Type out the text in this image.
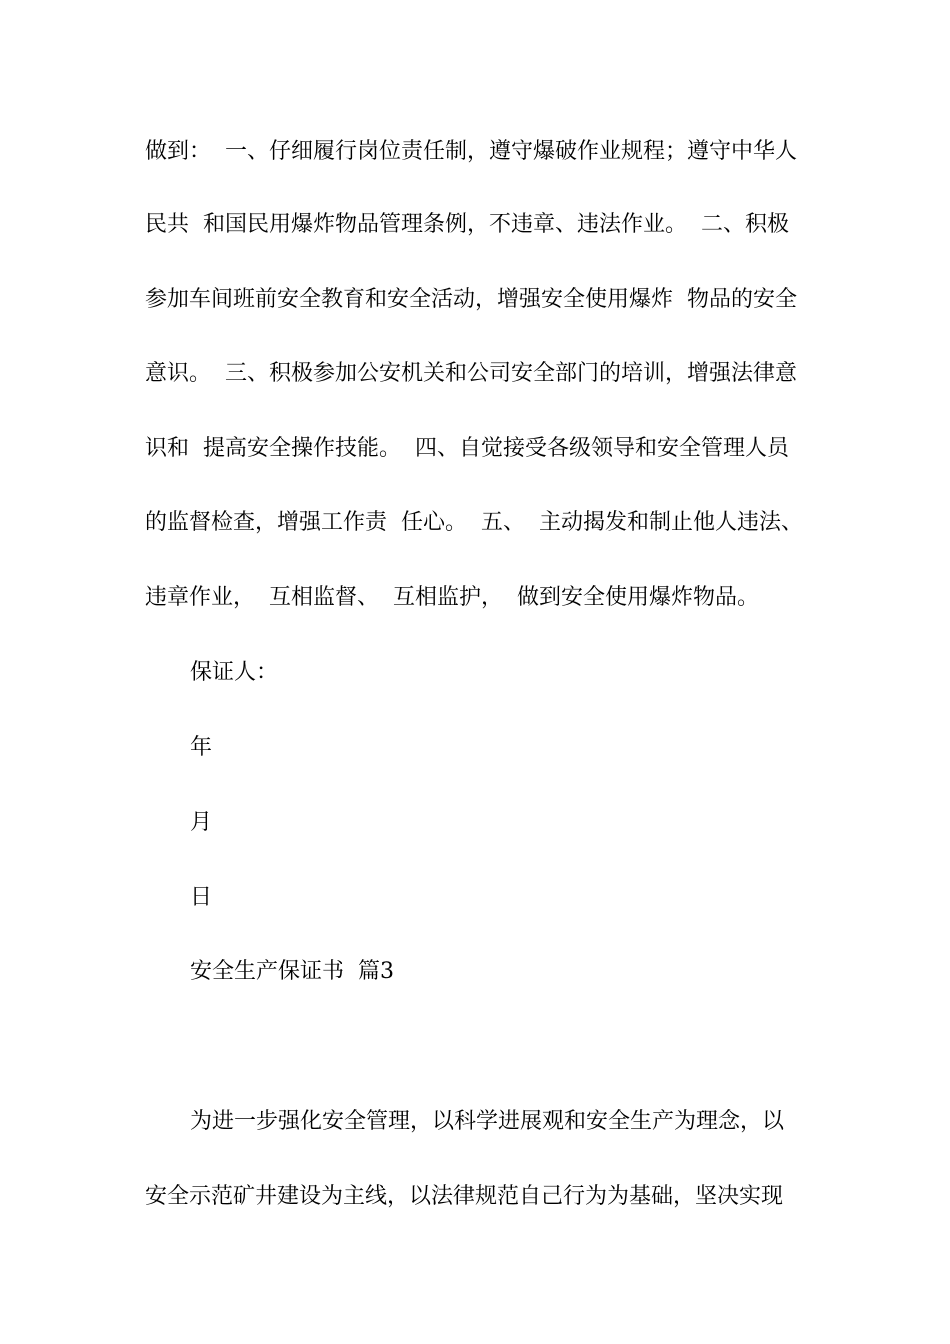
做到：  一、仔细履行岗位责任制，遵守爆破作业规程；遵守中华人

民共  和国民用爆炸物品管理条例，不违章、违法作业。  二、积极

参加车间班前安全教育和安全活动，增强安全使用爆炸  物品的安全

意识。  三、积极参加公安机关和公司安全部门的培训，增强法律意

识和  提高安全操作技能。  四、自觉接受各级领导和安全管理人员

的监督检查，增强工作责  任心。  五、  主动揭发和制止他人违法、

违章作业，  互相监督、  互相监护，  做到安全使用爆炸物品。

保证人：

年

月

日

安全生产保证书  篇3

为进一步强化安全管理，以科学进展观和安全生产为理念，以

安全示范矿井建设为主线，以法律规范自己行为为基础，坚决实现
